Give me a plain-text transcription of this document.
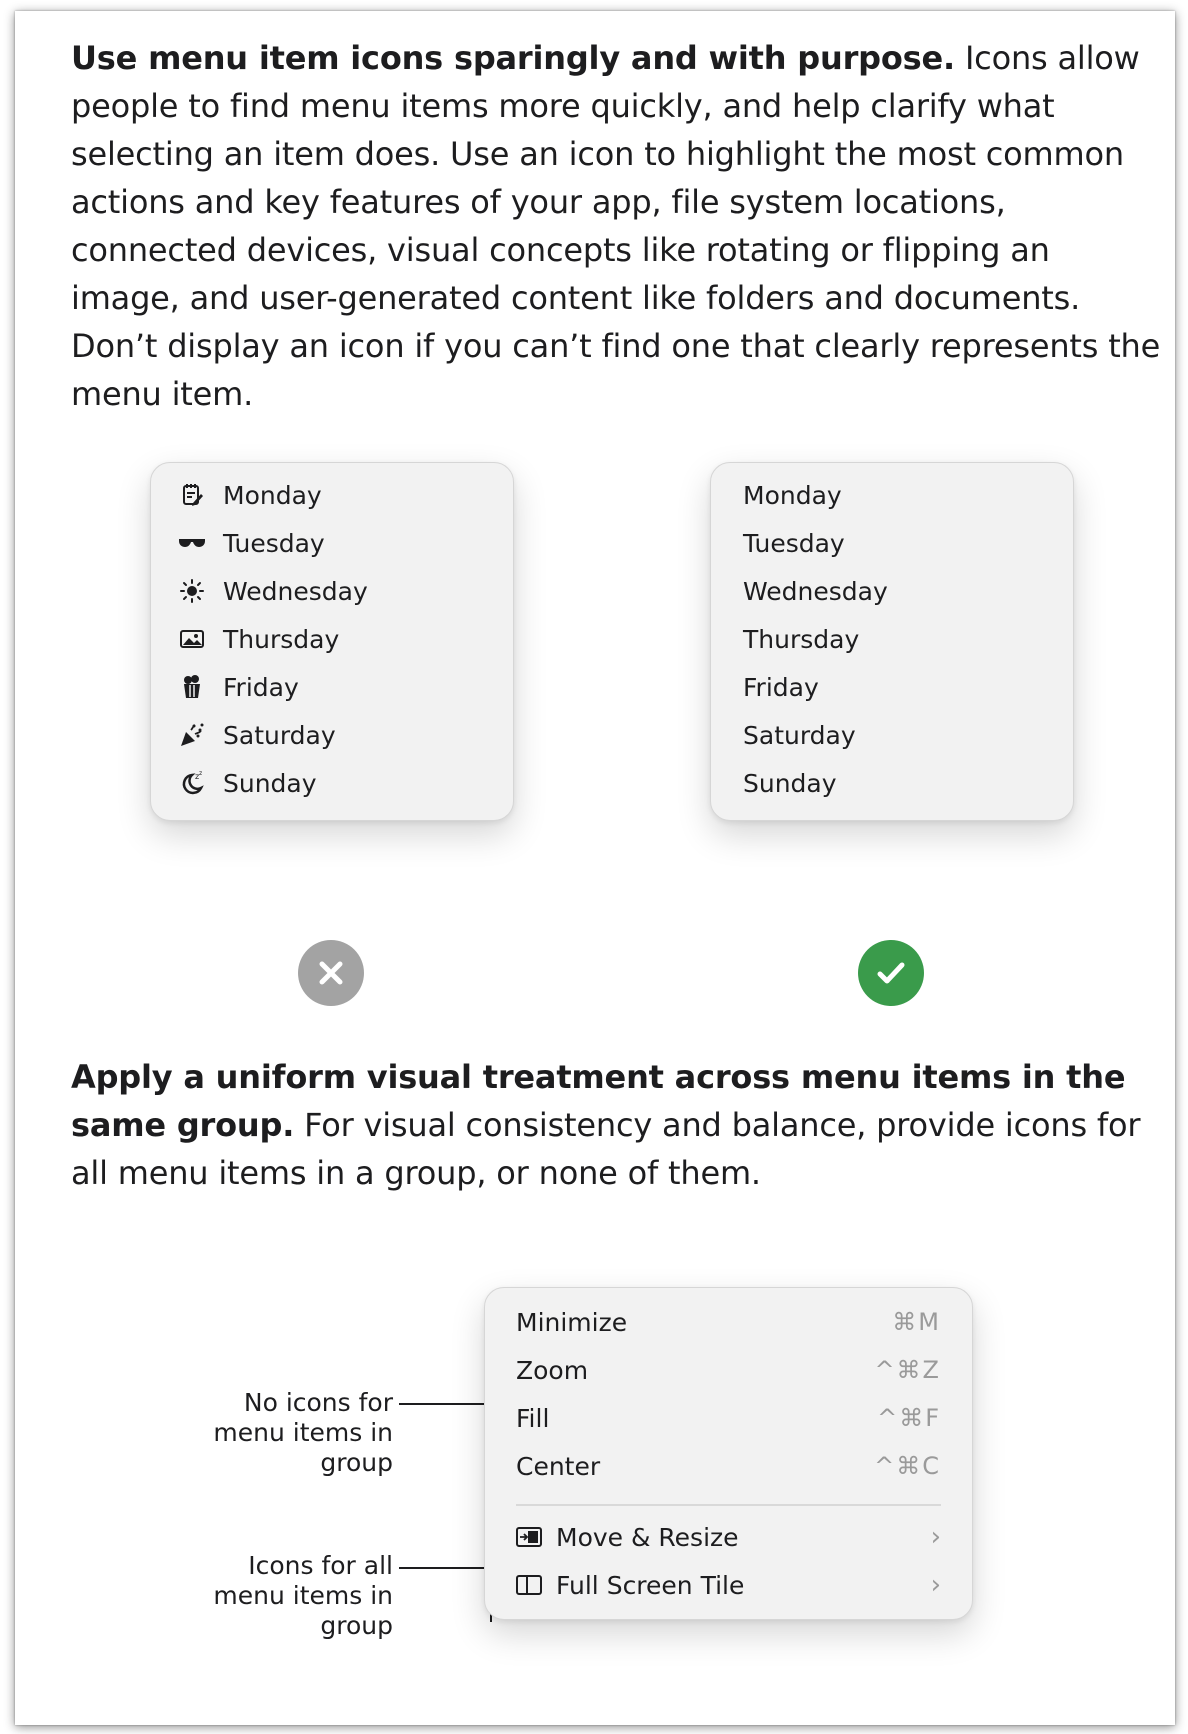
Use menu item icons sparingly and with purpose. Icons allow people to find menu items more quickly, and help clarify what selecting an item does. Use an icon to highlight the most common actions and key features of your app, file system locations, connected devices, visual concepts like rotating or flipping an image, and user-generated content like folders and documents. Don’t display an icon if you can’t find one that clearly represents the menu item.

Monday
Tuesday
Wednesday
Thursday
Friday
Saturday
z z Sunday
Monday
Tuesday
Wednesday
Thursday
Friday
Saturday
Sunday

Apply a uniform visual treatment across menu items in the same group. For visual consistency and balance, provide icons for all menu items in a group, or none of them.

No icons for menu items in group
Icons for all menu items in group
Minimize	⌘M
Zoom	^⌘Z
Fill	^⌘F
Center	^⌘C
Move & Resize	›
Full Screen Tile	›
